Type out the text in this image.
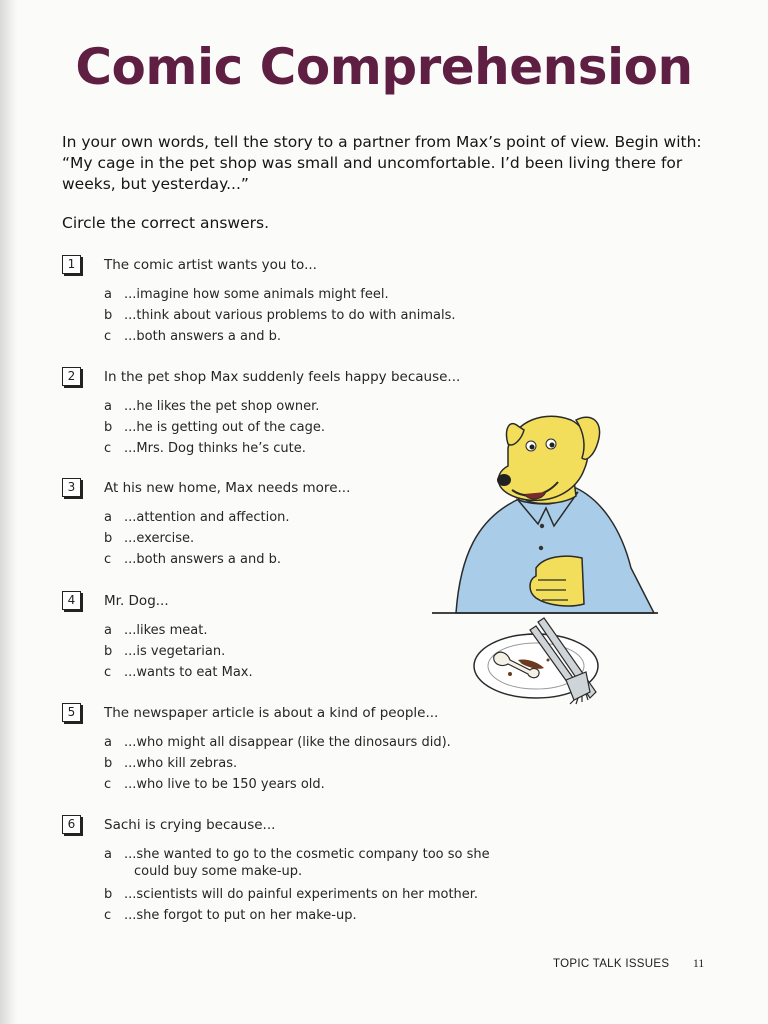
Comic Comprehension

In your own words, tell the story to a partner from Max’s point of view. Begin with: “My cage in the pet shop was small and uncomfortable. I’d been living there for weeks, but yesterday...”

Circle the correct answers.

1	The comic artist wants you to...
a ...imagine how some animals might feel.
b ...think about various problems to do with animals.
c ...both answers a and b.
2	In the pet shop Max suddenly feels happy because...
a ...he likes the pet shop owner.
b ...he is getting out of the cage.
c ...Mrs. Dog thinks he’s cute.
3	At his new home, Max needs more...
a ...attention and affection.
b ...exercise.
c ...both answers a and b.
4	Mr. Dog...
a ...likes meat.
b ...is vegetarian.
c ...wants to eat Max.
5	The newspaper article is about a kind of people...
a ...who might all disappear (like the dinosaurs did).
b ...who kill zebras.
c ...who live to be 150 years old.
6	Sachi is crying because...
a ...she wanted to go to the cosmetic company too so she
could buy some make-up.
b ...scientists will do painful experiments on her mother.
c ...she forgot to put on her make-up.
TOPIC TALK ISSUES 11
